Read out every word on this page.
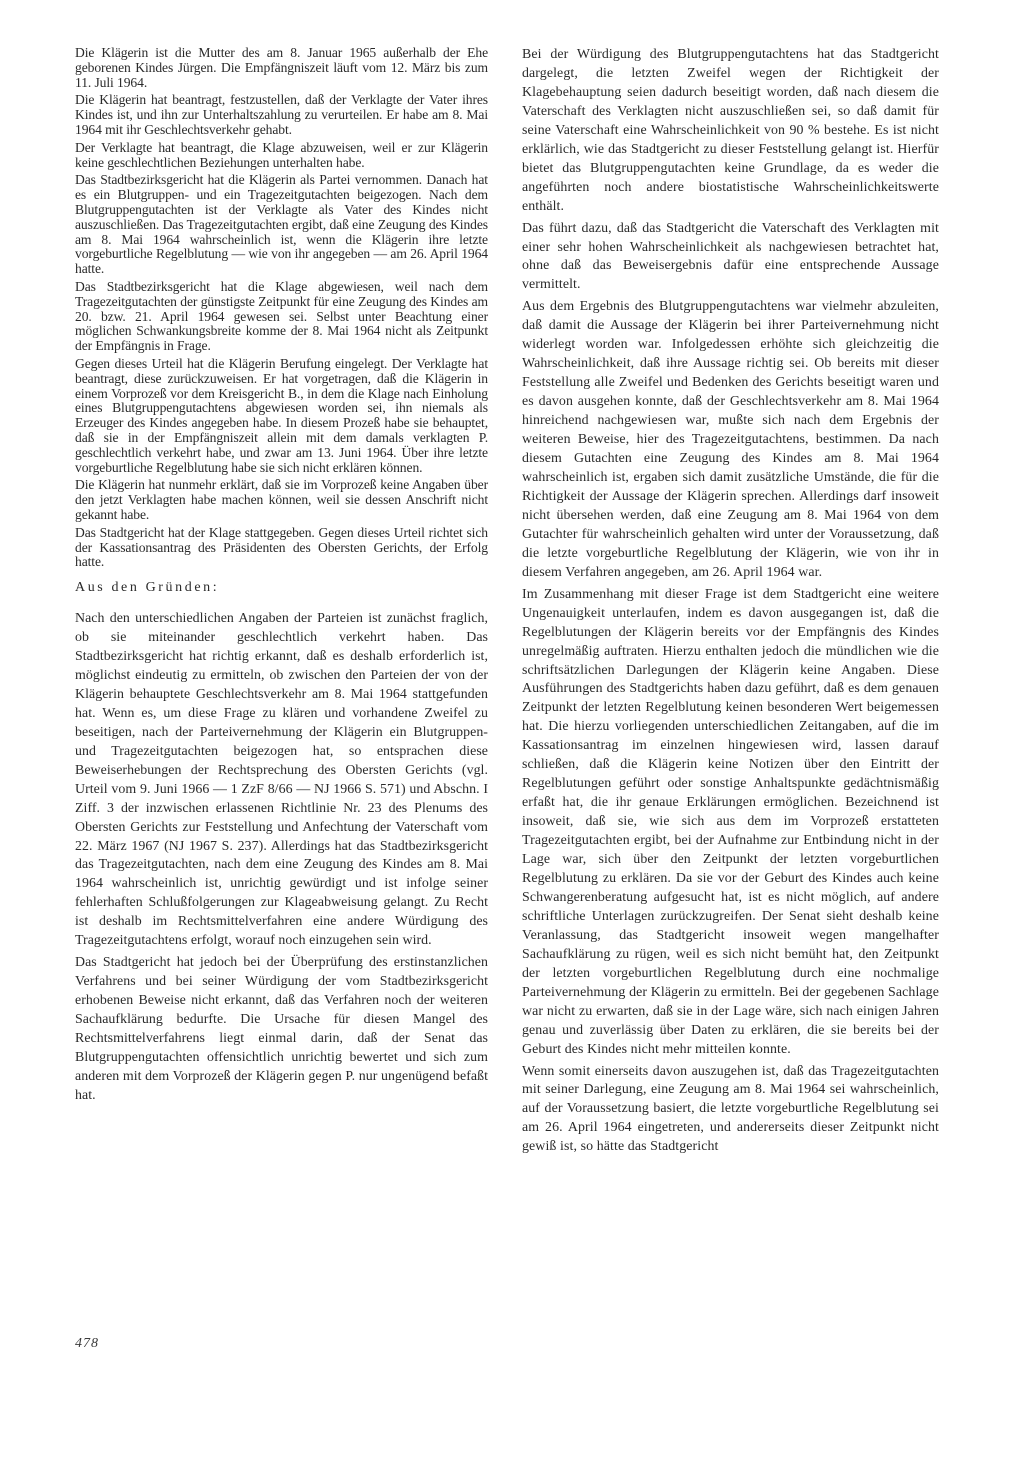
Die Klägerin ist die Mutter des am 8. Januar 1965 außerhalb der Ehe geborenen Kindes Jürgen. Die Empfängniszeit läuft vom 12. März bis zum 11. Juli 1964.

Die Klägerin hat beantragt, festzustellen, daß der Verklagte der Vater ihres Kindes ist, und ihn zur Unterhaltszahlung zu verurteilen. Er habe am 8. Mai 1964 mit ihr Geschlechtsverkehr gehabt.

Der Verklagte hat beantragt, die Klage abzuweisen, weil er zur Klägerin keine geschlechtlichen Beziehungen unterhalten habe.

Das Stadtbezirksgericht hat die Klägerin als Partei vernommen. Danach hat es ein Blutgruppen- und ein Tragezeitgutachten beigezogen. Nach dem Blutgruppengutachten ist der Verklagte als Vater des Kindes nicht auszuschließen. Das Tragezeitgutachten ergibt, daß eine Zeugung des Kindes am 8. Mai 1964 wahrscheinlich ist, wenn die Klägerin ihre letzte vorgeburtliche Regelblutung — wie von ihr angegeben — am 26. April 1964 hatte.

Das Stadtbezirksgericht hat die Klage abgewiesen, weil nach dem Tragezeitgutachten der günstigste Zeitpunkt für eine Zeugung des Kindes am 20. bzw. 21. April 1964 gewesen sei. Selbst unter Beachtung einer möglichen Schwankungsbreite komme der 8. Mai 1964 nicht als Zeitpunkt der Empfängnis in Frage.

Gegen dieses Urteil hat die Klägerin Berufung eingelegt. Der Verklagte hat beantragt, diese zurückzuweisen. Er hat vorgetragen, daß die Klägerin in einem Vorprozeß vor dem Kreisgericht B., in dem die Klage nach Einholung eines Blutgruppengutachtens abgewiesen worden sei, ihn niemals als Erzeuger des Kindes angegeben habe. In diesem Prozeß habe sie behauptet, daß sie in der Empfängniszeit allein mit dem damals verklagten P. geschlechtlich verkehrt habe, und zwar am 13. Juni 1964. Über ihre letzte vorgeburtliche Regelblutung habe sie sich nicht erklären können.

Die Klägerin hat nunmehr erklärt, daß sie im Vorprozeß keine Angaben über den jetzt Verklagten habe machen können, weil sie dessen Anschrift nicht gekannt habe.

Das Stadtgericht hat der Klage stattgegeben. Gegen dieses Urteil richtet sich der Kassationsantrag des Präsidenten des Obersten Gerichts, der Erfolg hatte.

Aus den Gründen:

Nach den unterschiedlichen Angaben der Parteien ist zunächst fraglich, ob sie miteinander geschlechtlich verkehrt haben. Das Stadtbezirksgericht hat richtig erkannt, daß es deshalb erforderlich ist, möglichst eindeutig zu ermitteln, ob zwischen den Parteien der von der Klägerin behauptete Geschlechtsverkehr am 8. Mai 1964 stattgefunden hat. Wenn es, um diese Frage zu klären und vorhandene Zweifel zu beseitigen, nach der Parteivernehmung der Klägerin ein Blutgruppen- und Tragezeitgutachten beigezogen hat, so entsprachen diese Beweiserhebungen der Rechtsprechung des Obersten Gerichts (vgl. Urteil vom 9. Juni 1966 — 1 ZzF 8/66 — NJ 1966 S. 571) und Abschn. I Ziff. 3 der inzwischen erlassenen Richtlinie Nr. 23 des Plenums des Obersten Gerichts zur Feststellung und Anfechtung der Vaterschaft vom 22. März 1967 (NJ 1967 S. 237). Allerdings hat das Stadtbezirksgericht das Tragezeitgutachten, nach dem eine Zeugung des Kindes am 8. Mai 1964 wahrscheinlich ist, unrichtig gewürdigt und ist infolge seiner fehlerhaften Schlußfolgerungen zur Klageabweisung gelangt. Zu Recht ist deshalb im Rechtsmittelverfahren eine andere Würdigung des Tragezeitgutachtens erfolgt, worauf noch einzugehen sein wird.

Das Stadtgericht hat jedoch bei der Überprüfung des erstinstanzlichen Verfahrens und bei seiner Würdigung der vom Stadtbezirksgericht erhobenen Beweise nicht erkannt, daß das Verfahren noch der weiteren Sachaufklärung bedurfte. Die Ursache für diesen Mangel des Rechtsmittelverfahrens liegt einmal darin, daß der Senat das Blutgruppengutachten offensichtlich unrichtig bewertet und sich zum anderen mit dem Vorprozeß der Klägerin gegen P. nur ungenügend befaßt hat.

Bei der Würdigung des Blutgruppengutachtens hat das Stadtgericht dargelegt, die letzten Zweifel wegen der Richtigkeit der Klagebehauptung seien dadurch beseitigt worden, daß nach diesem die Vaterschaft des Verklagten nicht auszuschließen sei, so daß damit für seine Vaterschaft eine Wahrscheinlichkeit von 90 % bestehe. Es ist nicht erklärlich, wie das Stadtgericht zu dieser Feststellung gelangt ist. Hierfür bietet das Blutgruppengutachten keine Grundlage, da es weder die angeführten noch andere biostatistische Wahrscheinlichkeitswerte enthält.

Das führt dazu, daß das Stadtgericht die Vaterschaft des Verklagten mit einer sehr hohen Wahrscheinlichkeit als nachgewiesen betrachtet hat, ohne daß das Beweisergebnis dafür eine entsprechende Aussage vermittelt.

Aus dem Ergebnis des Blutgruppengutachtens war vielmehr abzuleiten, daß damit die Aussage der Klägerin bei ihrer Parteivernehmung nicht widerlegt worden war. Infolgedessen erhöhte sich gleichzeitig die Wahrscheinlichkeit, daß ihre Aussage richtig sei. Ob bereits mit dieser Feststellung alle Zweifel und Bedenken des Gerichts beseitigt waren und es davon ausgehen konnte, daß der Geschlechtsverkehr am 8. Mai 1964 hinreichend nachgewiesen war, mußte sich nach dem Ergebnis der weiteren Beweise, hier des Tragezeitgutachtens, bestimmen. Da nach diesem Gutachten eine Zeugung des Kindes am 8. Mai 1964 wahrscheinlich ist, ergaben sich damit zusätzliche Umstände, die für die Richtigkeit der Aussage der Klägerin sprechen. Allerdings darf insoweit nicht übersehen werden, daß eine Zeugung am 8. Mai 1964 von dem Gutachter für wahrscheinlich gehalten wird unter der Voraussetzung, daß die letzte vorgeburtliche Regelblutung der Klägerin, wie von ihr in diesem Verfahren angegeben, am 26. April 1964 war.

Im Zusammenhang mit dieser Frage ist dem Stadtgericht eine weitere Ungenauigkeit unterlaufen, indem es davon ausgegangen ist, daß die Regelblutungen der Klägerin bereits vor der Empfängnis des Kindes unregelmäßig auftraten. Hierzu enthalten jedoch die mündlichen wie die schriftsätzlichen Darlegungen der Klägerin keine Angaben. Diese Ausführungen des Stadtgerichts haben dazu geführt, daß es dem genauen Zeitpunkt der letzten Regelblutung keinen besonderen Wert beigemessen hat. Die hierzu vorliegenden unterschiedlichen Zeitangaben, auf die im Kassationsantrag im einzelnen hingewiesen wird, lassen darauf schließen, daß die Klägerin keine Notizen über den Eintritt der Regelblutungen geführt oder sonstige Anhaltspunkte gedächtnismäßig erfaßt hat, die ihr genaue Erklärungen ermöglichen. Bezeichnend ist insoweit, daß sie, wie sich aus dem im Vorprozeß erstatteten Tragezeitgutachten ergibt, bei der Aufnahme zur Entbindung nicht in der Lage war, sich über den Zeitpunkt der letzten vorgeburtlichen Regelblutung zu erklären. Da sie vor der Geburt des Kindes auch keine Schwangerenberatung aufgesucht hat, ist es nicht möglich, auf andere schriftliche Unterlagen zurückzugreifen. Der Senat sieht deshalb keine Veranlassung, das Stadtgericht insoweit wegen mangelhafter Sachaufklärung zu rügen, weil es sich nicht bemüht hat, den Zeitpunkt der letzten vorgeburtlichen Regelblutung durch eine nochmalige Parteivernehmung der Klägerin zu ermitteln. Bei der gegebenen Sachlage war nicht zu erwarten, daß sie in der Lage wäre, sich nach einigen Jahren genau und zuverlässig über Daten zu erklären, die sie bereits bei der Geburt des Kindes nicht mehr mitteilen konnte.

Wenn somit einerseits davon auszugehen ist, daß das Tragezeitgutachten mit seiner Darlegung, eine Zeugung am 8. Mai 1964 sei wahrscheinlich, auf der Voraussetzung basiert, die letzte vorgeburtliche Regelblutung sei am 26. April 1964 eingetreten, und andererseits dieser Zeitpunkt nicht gewiß ist, so hätte das Stadtgericht

478
